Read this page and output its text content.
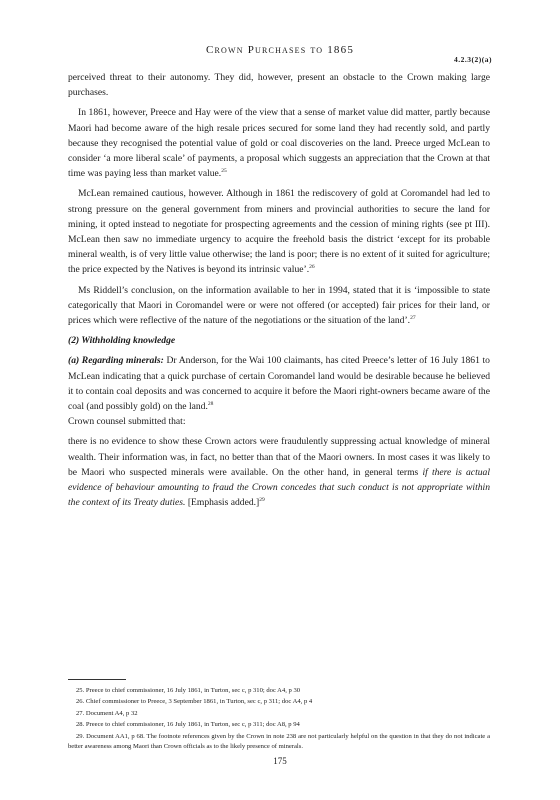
Crown Purchases to 1865
4.2.3(2)(a)

perceived threat to their autonomy. They did, however, present an obstacle to the Crown making large purchases.

In 1861, however, Preece and Hay were of the view that a sense of market value did matter, partly because Maori had become aware of the high resale prices secured for some land they had recently sold, and partly because they recognised the potential value of gold or coal discoveries on the land. Preece urged McLean to consider ‘a more liberal scale’ of payments, a proposal which suggests an appreciation that the Crown at that time was paying less than market value.$^{25}$

McLean remained cautious, however. Although in 1861 the rediscovery of gold at Coromandel had led to strong pressure on the general government from miners and provincial authorities to secure the land for mining, it opted instead to negotiate for prospecting agreements and the cession of mining rights (see pt III). McLean then saw no immediate urgency to acquire the freehold basis the district ‘except for its probable mineral wealth, is of very little value otherwise; the land is poor; there is no extent of it suited for agriculture; the price expected by the Natives is beyond its intrinsic value’.$^{26}$

Ms Riddell’s conclusion, on the information available to her in 1994, stated that it is ‘impossible to state categorically that Maori in Coromandel were or were not offered (or accepted) fair prices for their land, or prices which were reflective of the nature of the negotiations or the situation of the land’.$^{27}$

(2) Withholding knowledge

(a) Regarding minerals: Dr Anderson, for the Wai 100 claimants, has cited Preece’s letter of 16 July 1861 to McLean indicating that a quick purchase of certain Coromandel land would be desirable because he believed it to contain coal deposits and was concerned to acquire it before the Maori right-owners became aware of the coal (and possibly gold) on the land.$^{28}$
Crown counsel submitted that:

there is no evidence to show these Crown actors were fraudulently suppressing actual knowledge of mineral wealth. Their information was, in fact, no better than that of the Maori owners. In most cases it was likely to be Maori who suspected minerals were available. On the other hand, in general terms if there is actual evidence of behaviour amounting to fraud the Crown concedes that such conduct is not appropriate within the context of its Treaty duties. [Emphasis added.]$^{29}$

25. Preece to chief commissioner, 16 July 1861, in Turton, sec c, p 310; doc A4, p 30

26. Chief commissioner to Preece, 3 September 1861, in Turton, sec c, p 311; doc A4, p 4

27. Document A4, p 32

28. Preece to chief commissioner, 16 July 1861, in Turton, sec c, p 311; doc A8, p 94

29. Document AA1, p 68. The footnote references given by the Crown in note 238 are not particularly helpful on the question in that they do not indicate a better awareness among Maori than Crown officials as to the likely presence of minerals.

175
